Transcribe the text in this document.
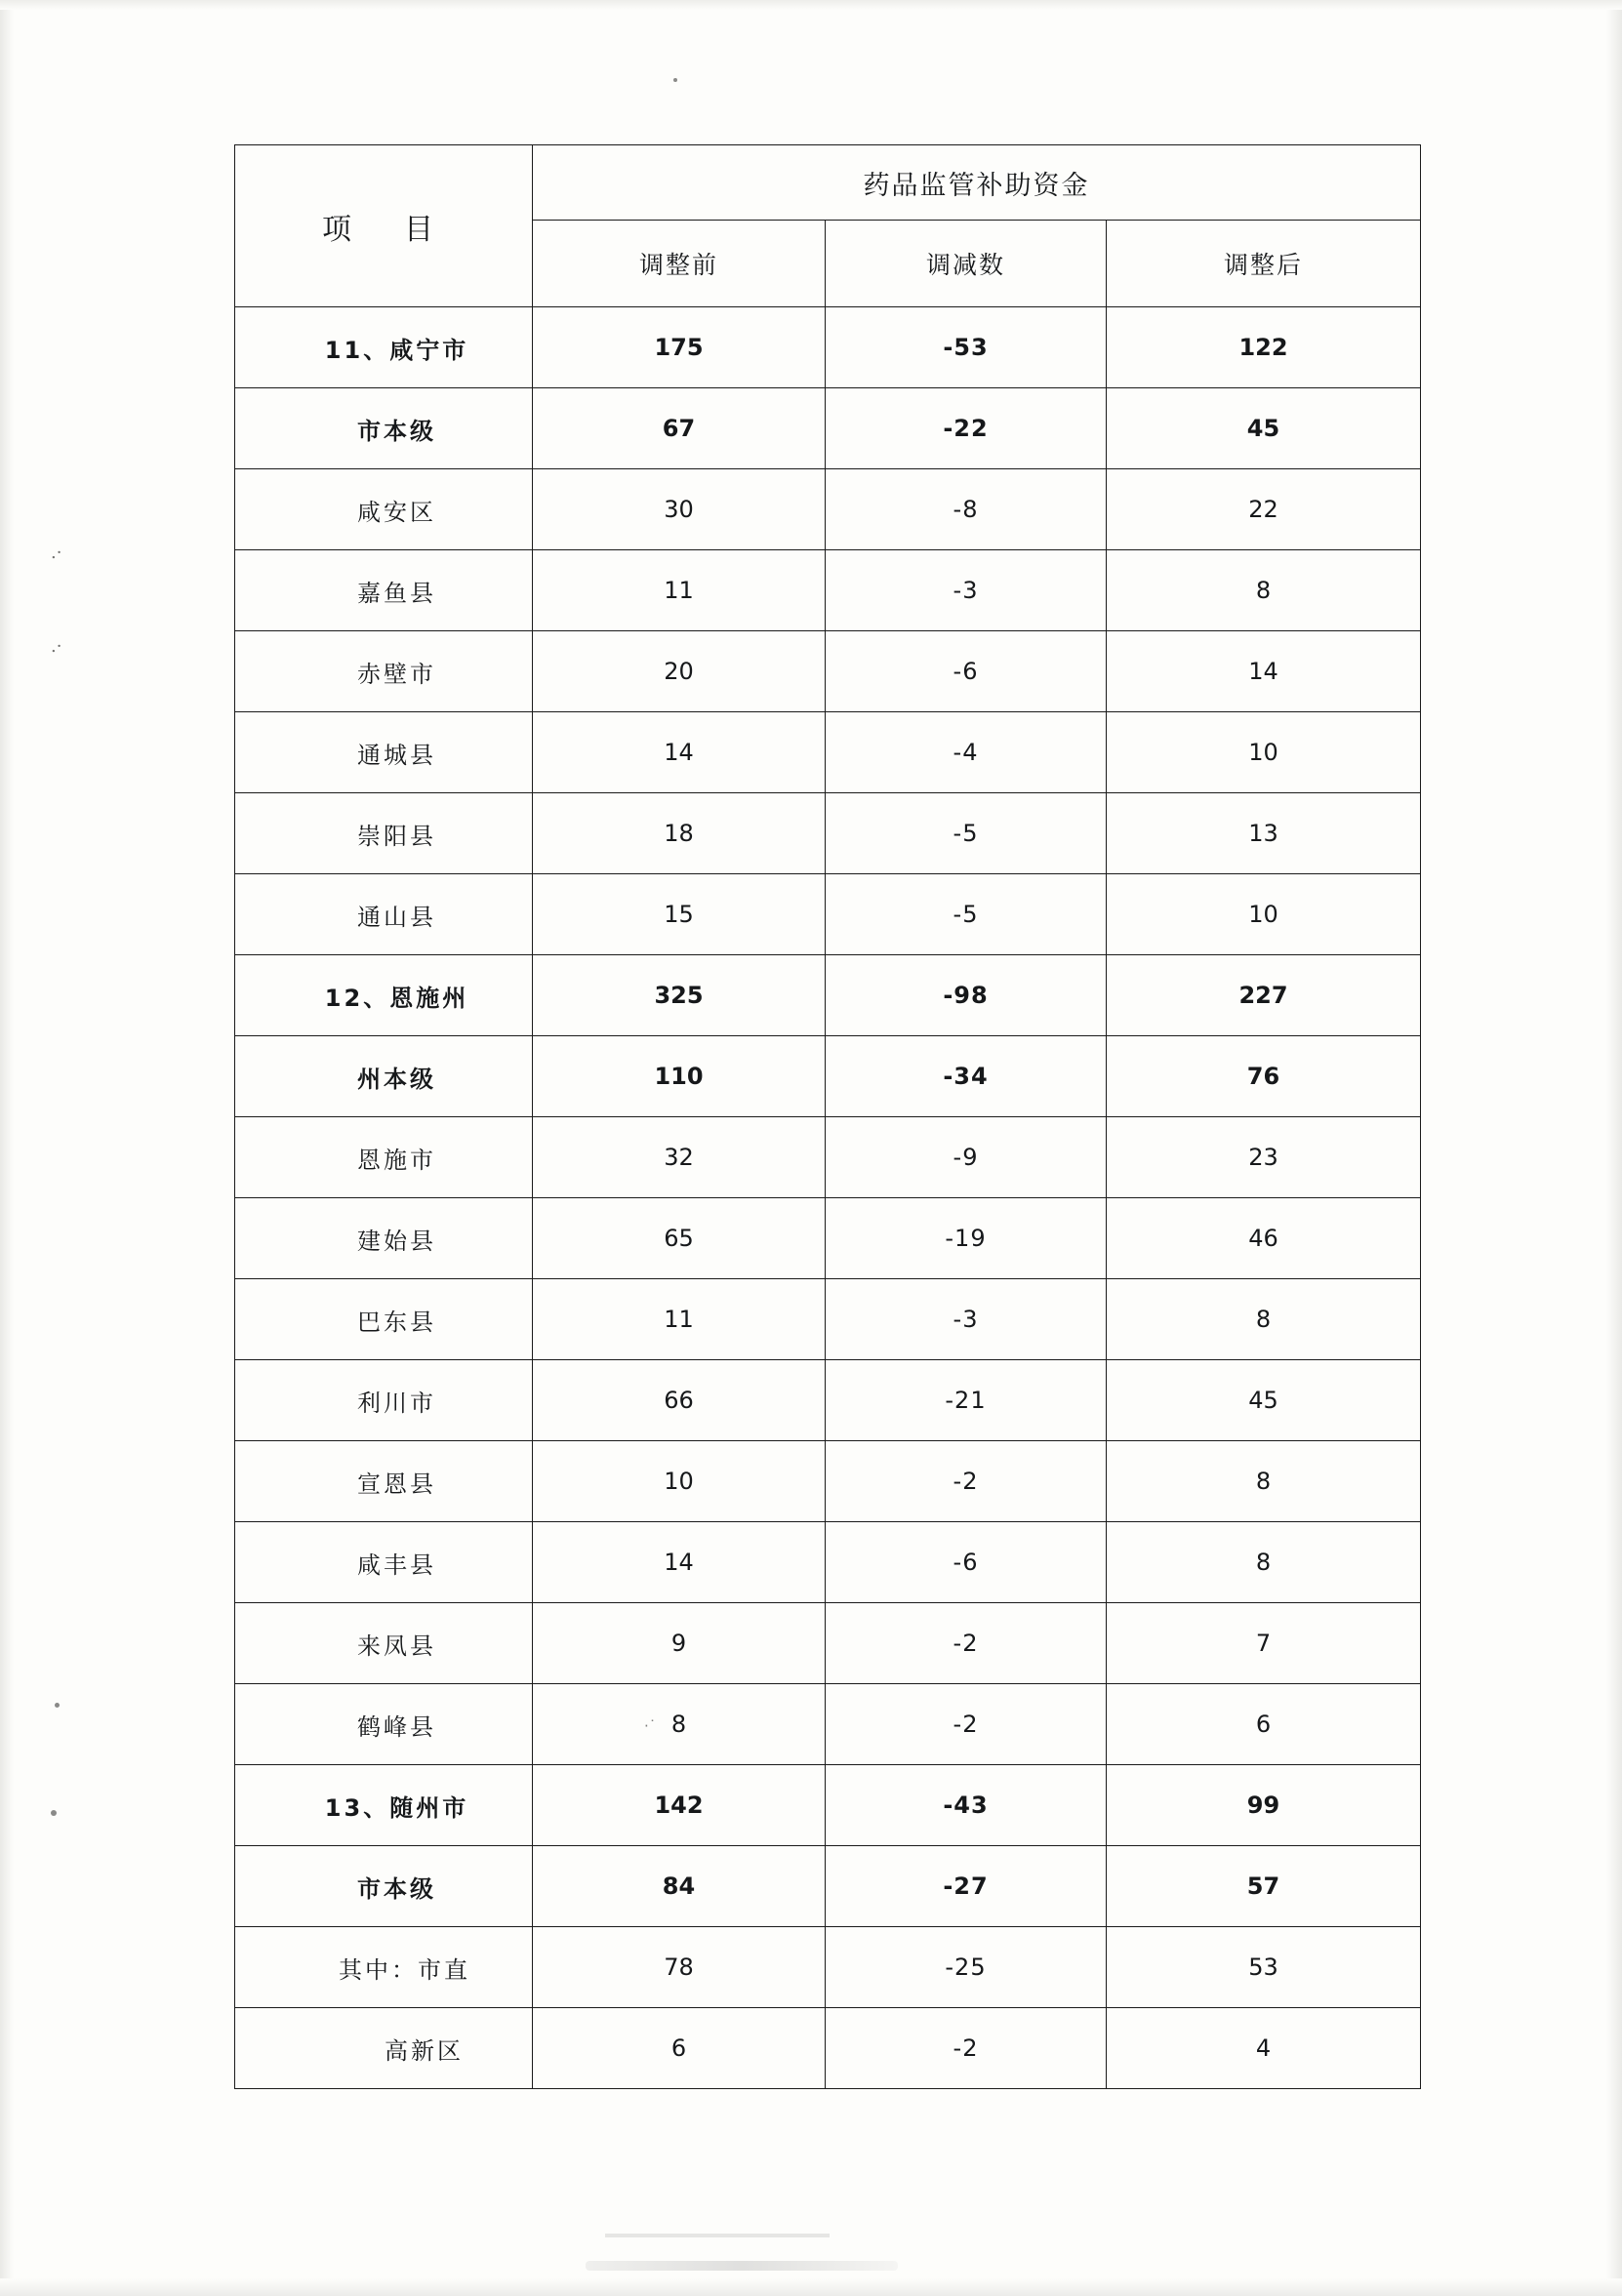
.·
.·
·˙
项　目	药品监管补助资金		
	调整前	调减数	调整后
11、咸宁市	175	-53	122
市本级	67	-22	45
咸安区	30	-8	22
嘉鱼县	11	-3	8
赤壁市	20	-6	14
通城县	14	-4	10
崇阳县	18	-5	13
通山县	15	-5	10
12、恩施州	325	-98	227
州本级	110	-34	76
恩施市	32	-9	23
建始县	65	-19	46
巴东县	11	-3	8
利川市	66	-21	45
宣恩县	10	-2	8
咸丰县	14	-6	8
来凤县	9	-2	7
鹤峰县	8	-2	6
13、随州市	142	-43	99
市本级	84	-27	57
其中：市直	78	-25	53
高新区	6	-2	4
